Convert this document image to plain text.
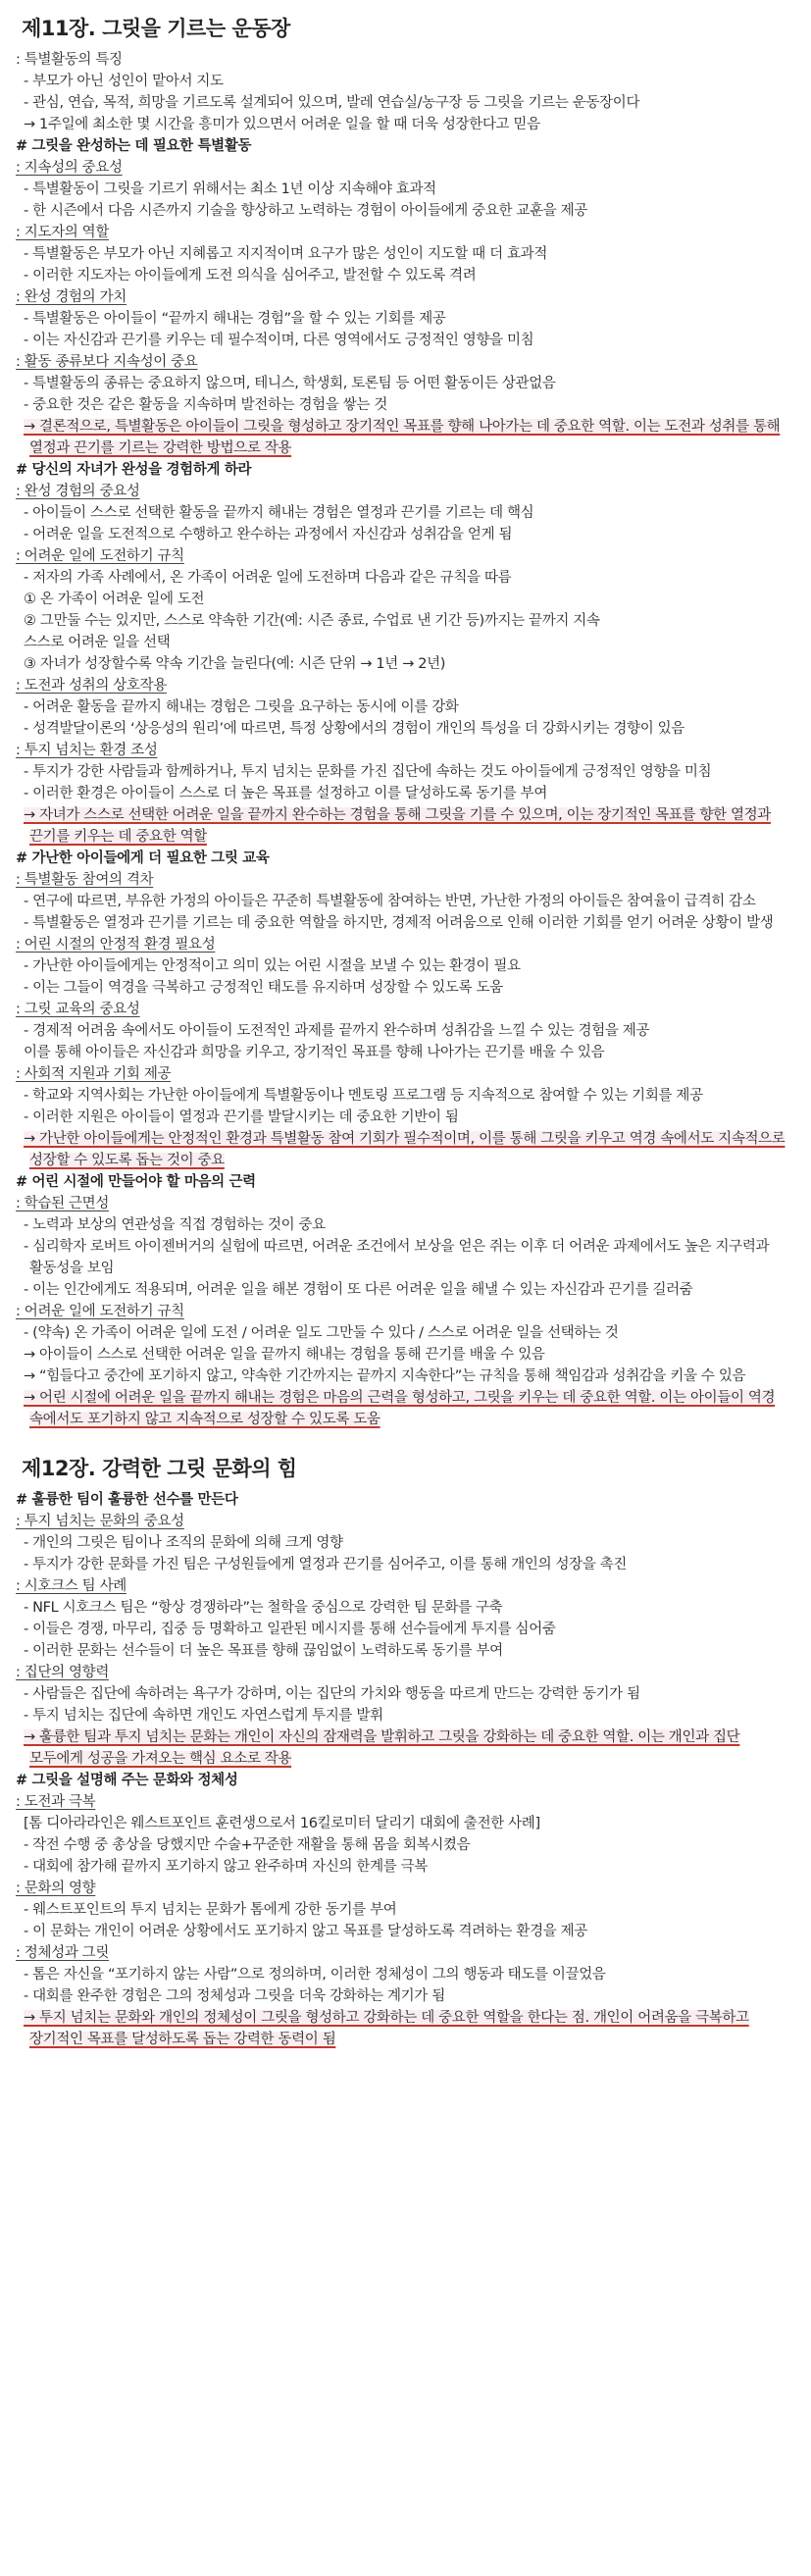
제11장. 그릿을 기르는 운동장
: 특별활동의 특징
- 부모가 아닌 성인이 맡아서 지도
- 관심, 연습, 목적, 희망을 기르도록 설계되어 있으며, 발레 연습실/농구장 등 그릿을 기르는 운동장이다
→ 1주일에 최소한 몇 시간을 흥미가 있으면서 어려운 일을 할 때 더욱 성장한다고 믿음
# 그릿을 완성하는 데 필요한 특별활동
: 지속성의 중요성
- 특별활동이 그릿을 기르기 위해서는 최소 1년 이상 지속해야 효과적
- 한 시즌에서 다음 시즌까지 기술을 향상하고 노력하는 경험이 아이들에게 중요한 교훈을 제공
: 지도자의 역할
- 특별활동은 부모가 아닌 지혜롭고 지지적이며 요구가 많은 성인이 지도할 때 더 효과적
- 이러한 지도자는 아이들에게 도전 의식을 심어주고, 발전할 수 있도록 격려
: 완성 경험의 가치
- 특별활동은 아이들이 “끝까지 해내는 경험”을 할 수 있는 기회를 제공
- 이는 자신감과 끈기를 키우는 데 필수적이며, 다른 영역에서도 긍정적인 영향을 미침
: 활동 종류보다 지속성이 중요
- 특별활동의 종류는 중요하지 않으며, 테니스, 학생회, 토론팀 등 어떤 활동이든 상관없음
- 중요한 것은 같은 활동을 지속하며 발전하는 경험을 쌓는 것
→ 결론적으로, 특별활동은 아이들이 그릿을 형성하고 장기적인 목표를 향해 나아가는 데 중요한 역할. 이는 도전과 성취를 통해 열정과 끈기를 기르는 강력한 방법으로 작용
# 당신의 자녀가 완성을 경험하게 하라
: 완성 경험의 중요성
- 아이들이 스스로 선택한 활동을 끝까지 해내는 경험은 열정과 끈기를 기르는 데 핵심
- 어려운 일을 도전적으로 수행하고 완수하는 과정에서 자신감과 성취감을 얻게 됨
: 어려운 일에 도전하기 규칙
- 저자의 가족 사례에서, 온 가족이 어려운 일에 도전하며 다음과 같은 규칙을 따름
① 온 가족이 어려운 일에 도전
② 그만둘 수는 있지만, 스스로 약속한 기간(예: 시즌 종료, 수업료 낸 기간 등)까지는 끝까지 지속
스스로 어려운 일을 선택
③ 자녀가 성장할수록 약속 기간을 늘린다(예: 시즌 단위 → 1년 → 2년)
: 도전과 성취의 상호작용
- 어려운 활동을 끝까지 해내는 경험은 그릿을 요구하는 동시에 이를 강화
- 성격발달이론의 ‘상응성의 원리’에 따르면, 특정 상황에서의 경험이 개인의 특성을 더 강화시키는 경향이 있음
: 투지 넘치는 환경 조성
- 투지가 강한 사람들과 함께하거나, 투지 넘치는 문화를 가진 집단에 속하는 것도 아이들에게 긍정적인 영향을 미침
- 이러한 환경은 아이들이 스스로 더 높은 목표를 설정하고 이를 달성하도록 동기를 부여
→ 자녀가 스스로 선택한 어려운 일을 끝까지 완수하는 경험을 통해 그릿을 기를 수 있으며, 이는 장기적인 목표를 향한 열정과 끈기를 키우는 데 중요한 역할
# 가난한 아이들에게 더 필요한 그릿 교육
: 특별활동 참여의 격차
- 연구에 따르면, 부유한 가정의 아이들은 꾸준히 특별활동에 참여하는 반면, 가난한 가정의 아이들은 참여율이 급격히 감소
- 특별활동은 열정과 끈기를 기르는 데 중요한 역할을 하지만, 경제적 어려움으로 인해 이러한 기회를 얻기 어려운 상황이 발생
: 어린 시절의 안정적 환경 필요성
- 가난한 아이들에게는 안정적이고 의미 있는 어린 시절을 보낼 수 있는 환경이 필요
- 이는 그들이 역경을 극복하고 긍정적인 태도를 유지하며 성장할 수 있도록 도움
: 그릿 교육의 중요성
- 경제적 어려움 속에서도 아이들이 도전적인 과제를 끝까지 완수하며 성취감을 느낄 수 있는 경험을 제공
이를 통해 아이들은 자신감과 희망을 키우고, 장기적인 목표를 향해 나아가는 끈기를 배울 수 있음
: 사회적 지원과 기회 제공
- 학교와 지역사회는 가난한 아이들에게 특별활동이나 멘토링 프로그램 등 지속적으로 참여할 수 있는 기회를 제공
- 이러한 지원은 아이들이 열정과 끈기를 발달시키는 데 중요한 기반이 됨
→ 가난한 아이들에게는 안정적인 환경과 특별활동 참여 기회가 필수적이며, 이를 통해 그릿을 키우고 역경 속에서도 지속적으로 성장할 수 있도록 돕는 것이 중요
# 어린 시절에 만들어야 할 마음의 근력
: 학습된 근면성
- 노력과 보상의 연관성을 직접 경험하는 것이 중요
- 심리학자 로버트 아이젠버거의 실험에 따르면, 어려운 조건에서 보상을 얻은 쥐는 이후 더 어려운 과제에서도 높은 지구력과 활동성을 보임
- 이는 인간에게도 적용되며, 어려운 일을 해본 경험이 또 다른 어려운 일을 해낼 수 있는 자신감과 끈기를 길러줌
: 어려운 일에 도전하기 규칙
- (약속) 온 가족이 어려운 일에 도전 / 어려운 일도 그만둘 수 있다 / 스스로 어려운 일을 선택하는 것
→ 아이들이 스스로 선택한 어려운 일을 끝까지 해내는 경험을 통해 끈기를 배울 수 있음
→ “힘들다고 중간에 포기하지 않고, 약속한 기간까지는 끝까지 지속한다”는 규칙을 통해 책임감과 성취감을 키울 수 있음
→ 어린 시절에 어려운 일을 끝까지 해내는 경험은 마음의 근력을 형성하고, 그릿을 키우는 데 중요한 역할. 이는 아이들이 역경 속에서도 포기하지 않고 지속적으로 성장할 수 있도록 도움
제12장. 강력한 그릿 문화의 힘
# 훌륭한 팀이 훌륭한 선수를 만든다
: 투지 넘치는 문화의 중요성
- 개인의 그릿은 팀이나 조직의 문화에 의해 크게 영향
- 투지가 강한 문화를 가진 팀은 구성원들에게 열정과 끈기를 심어주고, 이를 통해 개인의 성장을 촉진
: 시호크스 팀 사례
- NFL 시호크스 팀은 “항상 경쟁하라”는 철학을 중심으로 강력한 팀 문화를 구축
- 이들은 경쟁, 마무리, 집중 등 명확하고 일관된 메시지를 통해 선수들에게 투지를 심어줌
- 이러한 문화는 선수들이 더 높은 목표를 향해 끊임없이 노력하도록 동기를 부여
: 집단의 영향력
- 사람들은 집단에 속하려는 욕구가 강하며, 이는 집단의 가치와 행동을 따르게 만드는 강력한 동기가 됨
- 투지 넘치는 집단에 속하면 개인도 자연스럽게 투지를 발휘
→ 훌륭한 팀과 투지 넘치는 문화는 개인이 자신의 잠재력을 발휘하고 그릿을 강화하는 데 중요한 역할. 이는 개인과 집단 모두에게 성공을 가져오는 핵심 요소로 작용
# 그릿을 설명해 주는 문화와 정체성
: 도전과 극복
[톰 디아라라인은 웨스트포인트 훈련생으로서 16킬로미터 달리기 대회에 출전한 사례]
- 작전 수행 중 총상을 당했지만 수술+꾸준한 재활을 통해 몸을 회복시켰음
- 대회에 참가해 끝까지 포기하지 않고 완주하며 자신의 한계를 극복
: 문화의 영향
- 웨스트포인트의 투지 넘치는 문화가 톰에게 강한 동기를 부여
- 이 문화는 개인이 어려운 상황에서도 포기하지 않고 목표를 달성하도록 격려하는 환경을 제공
: 정체성과 그릿
- 톰은 자신을 “포기하지 않는 사람”으로 정의하며, 이러한 정체성이 그의 행동과 태도를 이끌었음
- 대회를 완주한 경험은 그의 정체성과 그릿을 더욱 강화하는 계기가 됨
→ 투지 넘치는 문화와 개인의 정체성이 그릿을 형성하고 강화하는 데 중요한 역할을 한다는 점. 개인이 어려움을 극복하고 장기적인 목표를 달성하도록 돕는 강력한 동력이 됨
